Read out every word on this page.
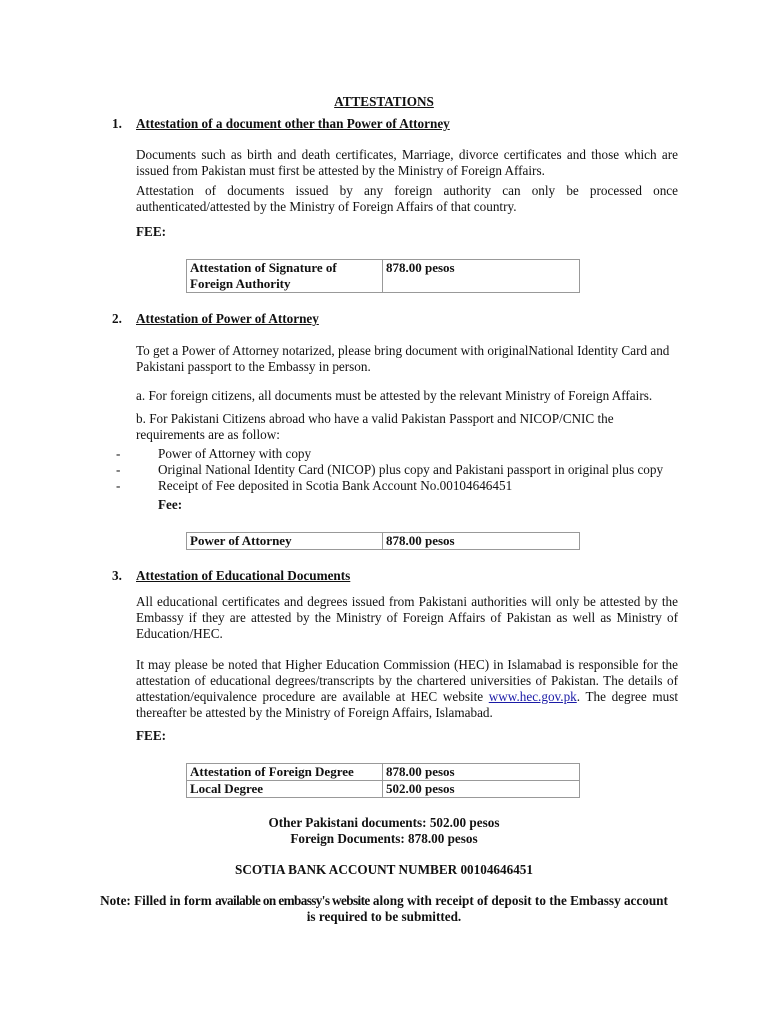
ATTESTATIONS
1. Attestation of a document other than Power of Attorney
Documents such as birth and death certificates, Marriage, divorce certificates and those which are issued from Pakistan must first be attested by the Ministry of Foreign Affairs.
Attestation of documents issued by any foreign authority can only be processed once authenticated/attested by the Ministry of Foreign Affairs of that country.
FEE:
Attestation of Signature of
Foreign Authority	878.00 pesos
2. Attestation of Power of Attorney
To get a Power of Attorney notarized, please bring document with originalNational Identity Card and Pakistani passport to the Embassy in person.
a. For foreign citizens, all documents must be attested by the relevant Ministry of Foreign Affairs.
b. For Pakistani Citizens abroad who have a valid Pakistan Passport and NICOP/CNIC the requirements are as follow:
-	Power of Attorney with copy
-	Original National Identity Card (NICOP) plus copy and Pakistani passport in original plus copy
-	Receipt of Fee deposited in Scotia Bank Account No.00104646451
Fee:
Power of Attorney	878.00 pesos
3. Attestation of Educational Documents
All educational certificates and degrees issued from Pakistani authorities will only be attested by the Embassy if they are attested by the Ministry of Foreign Affairs of Pakistan as well as Ministry of Education/HEC.
It may please be noted that Higher Education Commission (HEC) in Islamabad is responsible for the attestation of educational degrees/transcripts by the chartered universities of Pakistan. The details of attestation/equivalence procedure are available at HEC website www.hec.gov.pk. The degree must thereafter be attested by the Ministry of Foreign Affairs, Islamabad.
FEE:
Attestation of Foreign Degree	878.00 pesos
Local Degree	502.00 pesos
Other Pakistani documents: 502.00 pesos
Foreign Documents: 878.00 pesos
SCOTIA BANK ACCOUNT NUMBER 00104646451
Note: Filled in form available on embassy's website along with receipt of deposit to the Embassy account
is required to be submitted.
